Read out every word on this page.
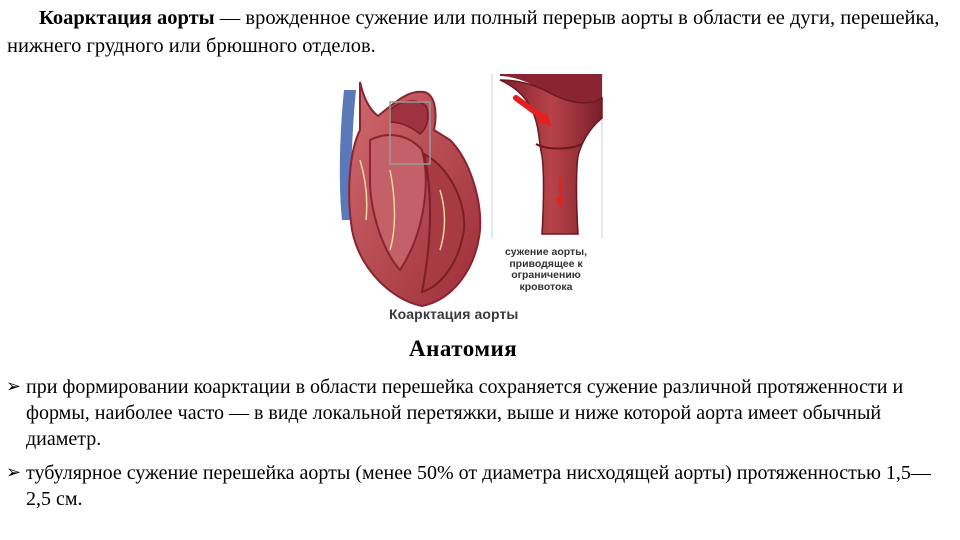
Коарктация аорты — врожденное сужение или полный перерыв аорты в области ее дуги, перешейка, нижнего грудного или брюшного отделов.
сужение аорты, приводящее к ограничению кровотока
Коарктация аорты
Анатомия
➢ при формировании коарктации в области перешейка сохраняется сужение различной протяженности и формы, наиболее часто — в виде локальной перетяжки, выше и ниже которой аорта имеет обычный диаметр.
➢ тубулярное сужение перешейка аорты (менее 50% от диаметра нисходящей аорты) протяженностью 1,5—2,5 см.
